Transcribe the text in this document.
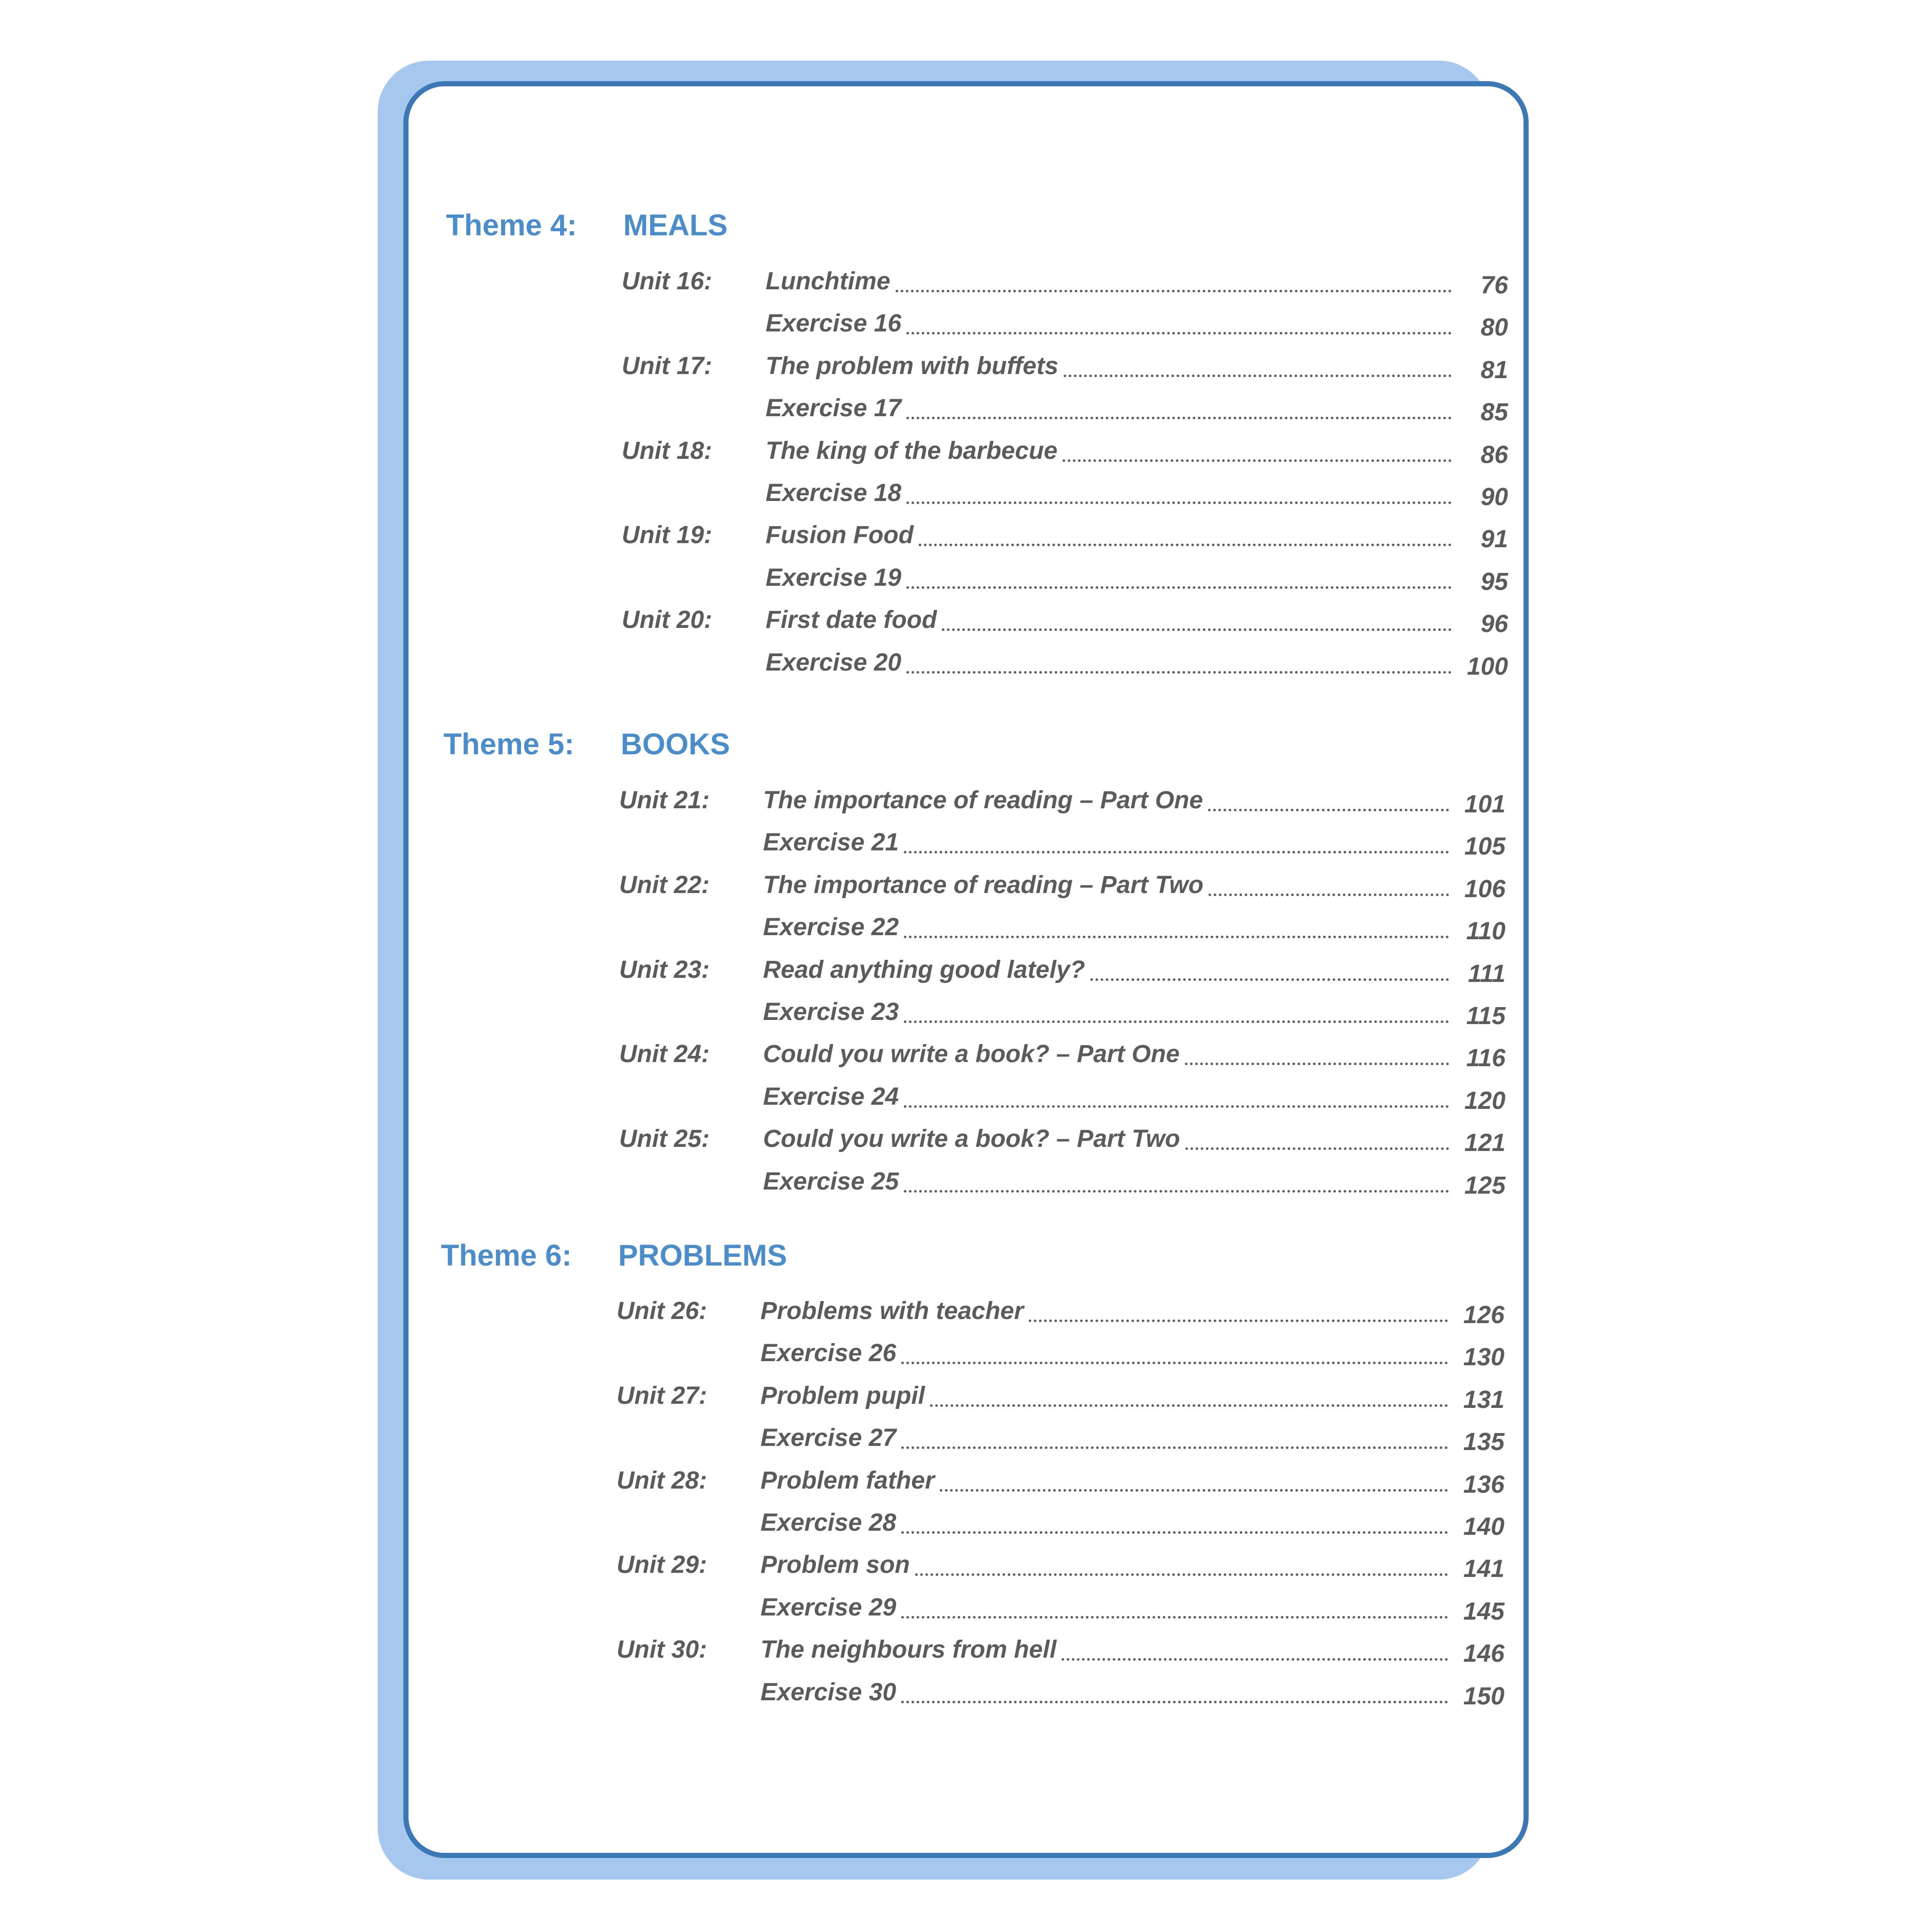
Theme 4: MEALS
Unit 16: Lunchtime	76
Exercise 16	80
Unit 17: The problem with buffets	81
Exercise 17	85
Unit 18: The king of the barbecue	86
Exercise 18	90
Unit 19: Fusion Food	91
Exercise 19	95
Unit 20: First date food	96
Exercise 20	100
Theme 5: BOOKS
Unit 21: The importance of reading – Part One	101
Exercise 21	105
Unit 22: The importance of reading – Part Two	106
Exercise 22	110
Unit 23: Read anything good lately?	111
Exercise 23	115
Unit 24: Could you write a book? – Part One	116
Exercise 24	120
Unit 25: Could you write a book? – Part Two	121
Exercise 25	125
Theme 6: PROBLEMS
Unit 26: Problems with teacher	126
Exercise 26	130
Unit 27: Problem pupil	131
Exercise 27	135
Unit 28: Problem father	136
Exercise 28	140
Unit 29: Problem son	141
Exercise 29	145
Unit 30: The neighbours from hell	146
Exercise 30	150
